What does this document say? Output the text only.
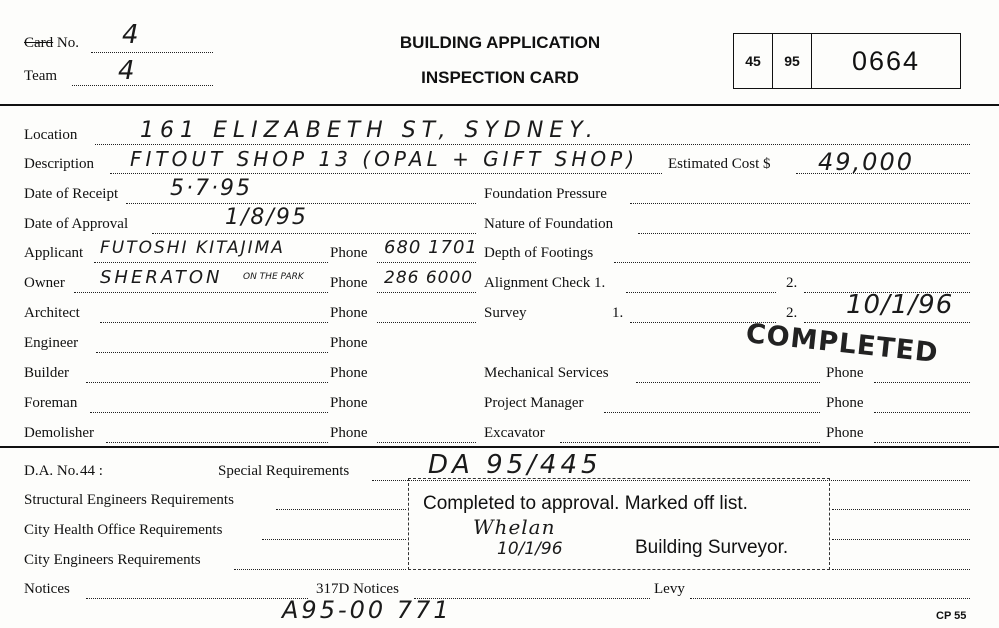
Card No. 4
Team 4
BUILDING APPLICATION
INSPECTION CARD
45	95	0664
Location	161 ELIZABETH ST, SYDNEY.
Description FITOUT SHOP 13 (OPAL + GIFT SHOP) Estimated Cost $ 49,000
Date of Receipt 5·7·95
Date of Approval	1/8/95
Applicant FUTOSHI KITAJIMA	Phone 680 1701
Owner SHERATON ON THE PARK Phone 286 6000
Architect	Phone
Engineer	Phone
Builder	Phone
Foreman	Phone
Demolisher	Phone
Foundation Pressure
Nature of Foundation
Depth of Footings
Alignment Check 1.	2.
Survey	1.	2. 10/1/96
COMPLETED
Mechanical Services	Phone
Project Manager	Phone
Excavator	Phone
D.A. No. 44 :	Special Requirements	DA 95/445
Structural Engineers Requirements
City Health Office Requirements
City Engineers Requirements
Notices	317D Notices	Levy
Completed to approval. Marked off list.
Whelan
10/1/96	Building Surveyor.
A95-00 771	CP 55
